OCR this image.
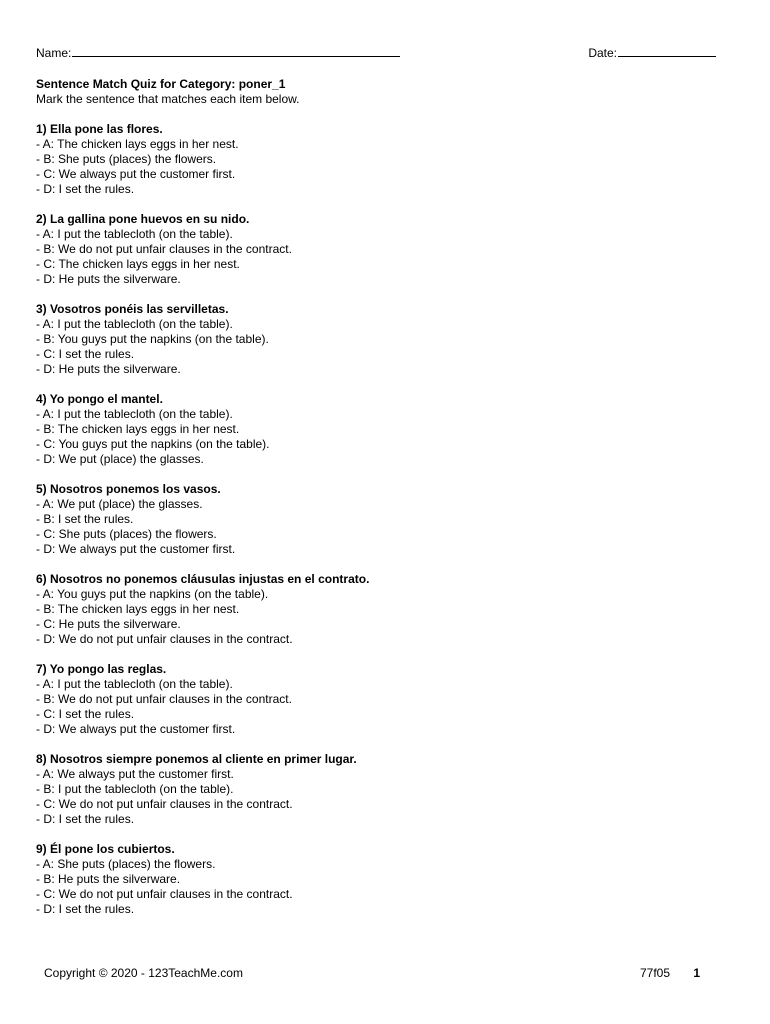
Name:	Date:
Sentence Match Quiz for Category: poner_1
Mark the sentence that matches each item below.
1) Ella pone las flores.
- A: The chicken lays eggs in her nest.
- B: She puts (places) the flowers.
- C: We always put the customer first.
- D: I set the rules.
2) La gallina pone huevos en su nido.
- A: I put the tablecloth (on the table).
- B: We do not put unfair clauses in the contract.
- C: The chicken lays eggs in her nest.
- D: He puts the silverware.
3) Vosotros ponéis las servilletas.
- A: I put the tablecloth (on the table).
- B: You guys put the napkins (on the table).
- C: I set the rules.
- D: He puts the silverware.
4) Yo pongo el mantel.
- A: I put the tablecloth (on the table).
- B: The chicken lays eggs in her nest.
- C: You guys put the napkins (on the table).
- D: We put (place) the glasses.
5) Nosotros ponemos los vasos.
- A: We put (place) the glasses.
- B: I set the rules.
- C: She puts (places) the flowers.
- D: We always put the customer first.
6) Nosotros no ponemos cláusulas injustas en el contrato.
- A: You guys put the napkins (on the table).
- B: The chicken lays eggs in her nest.
- C: He puts the silverware.
- D: We do not put unfair clauses in the contract.
7) Yo pongo las reglas.
- A: I put the tablecloth (on the table).
- B: We do not put unfair clauses in the contract.
- C: I set the rules.
- D: We always put the customer first.
8) Nosotros siempre ponemos al cliente en primer lugar.
- A: We always put the customer first.
- B: I put the tablecloth (on the table).
- C: We do not put unfair clauses in the contract.
- D: I set the rules.
9) Él pone los cubiertos.
- A: She puts (places) the flowers.
- B: He puts the silverware.
- C: We do not put unfair clauses in the contract.
- D: I set the rules.
Copyright © 2020 - 123TeachMe.com	77f05 1
